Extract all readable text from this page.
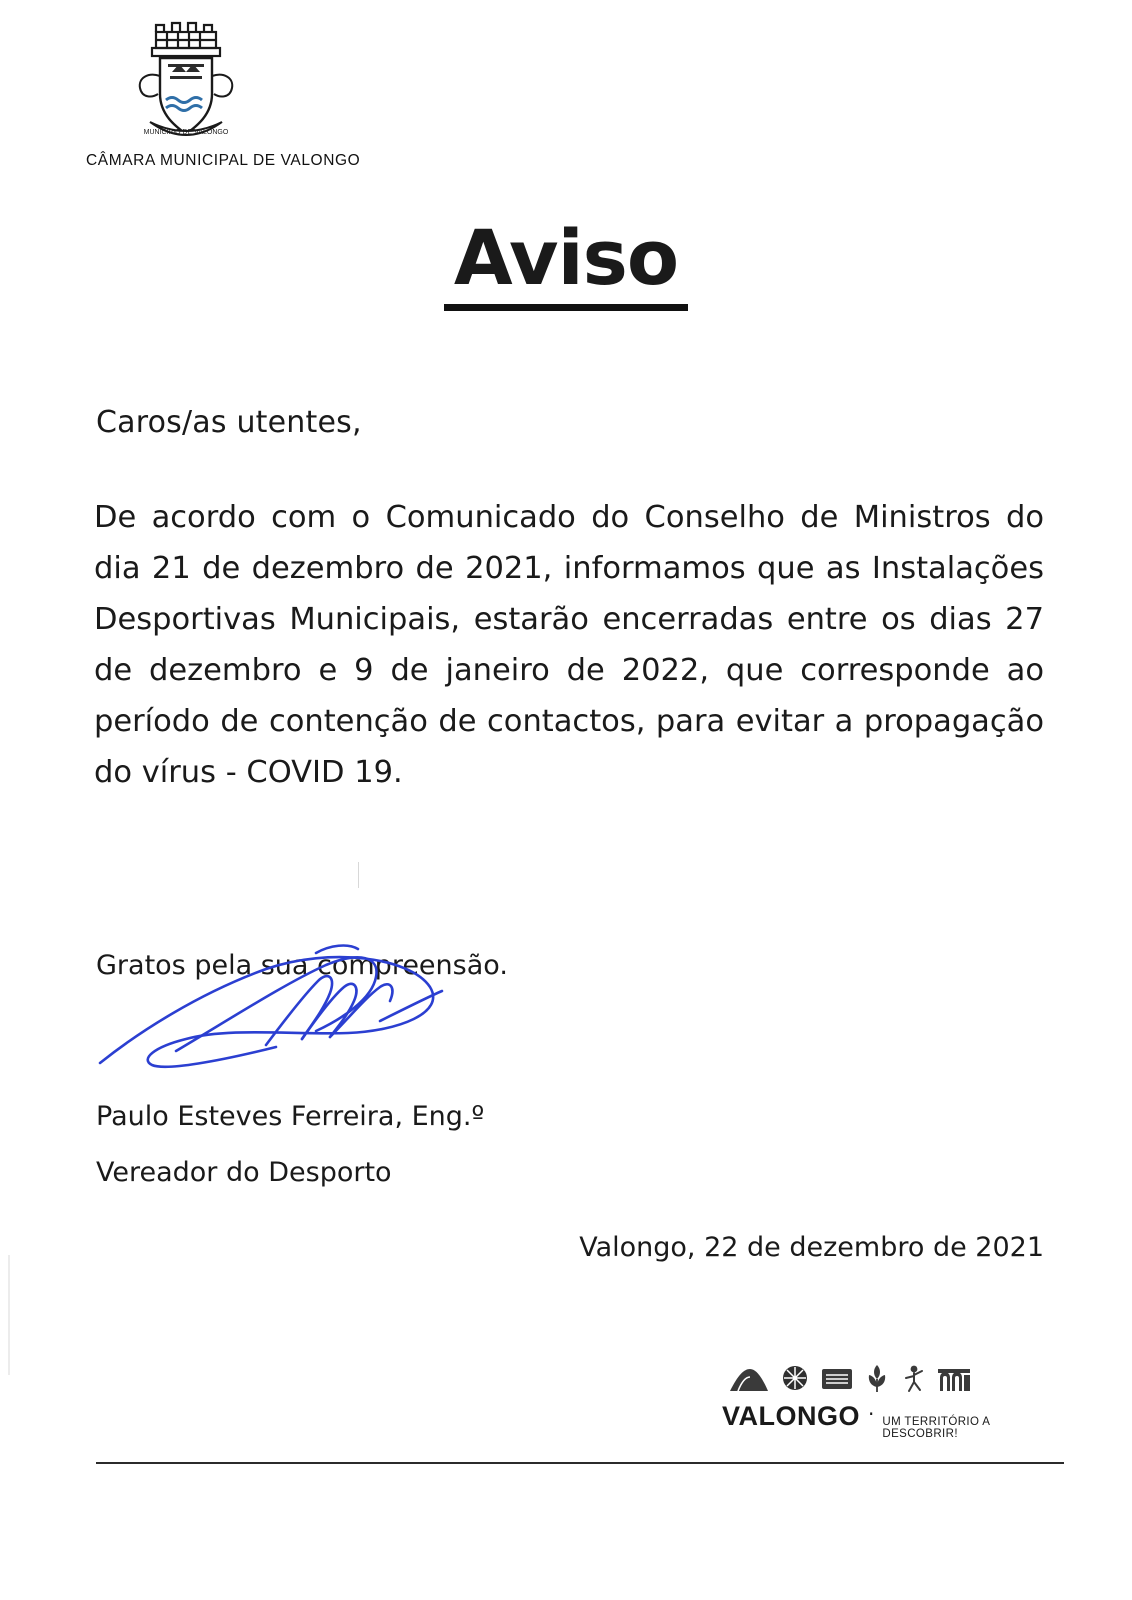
MUNICIPIO DE VALONGO
CÂMARA MUNICIPAL DE VALONGO
Aviso
Caros/as utentes,
De acordo com o Comunicado do Conselho de Ministros do dia 21 de dezembro de 2021, informamos que as Instalações Desportivas Municipais, estarão encerradas entre os dias 27 de dezembro e 9 de janeiro de 2022, que corresponde ao período de contenção de contactos, para evitar a propagação do vírus - COVID 19.
Gratos pela sua compreensão.
Paulo Esteves Ferreira, Eng.º
Vereador do Desporto
Valongo, 22 de dezembro de 2021
VALONGO · UM TERRITÓRIO A DESCOBRIR!
